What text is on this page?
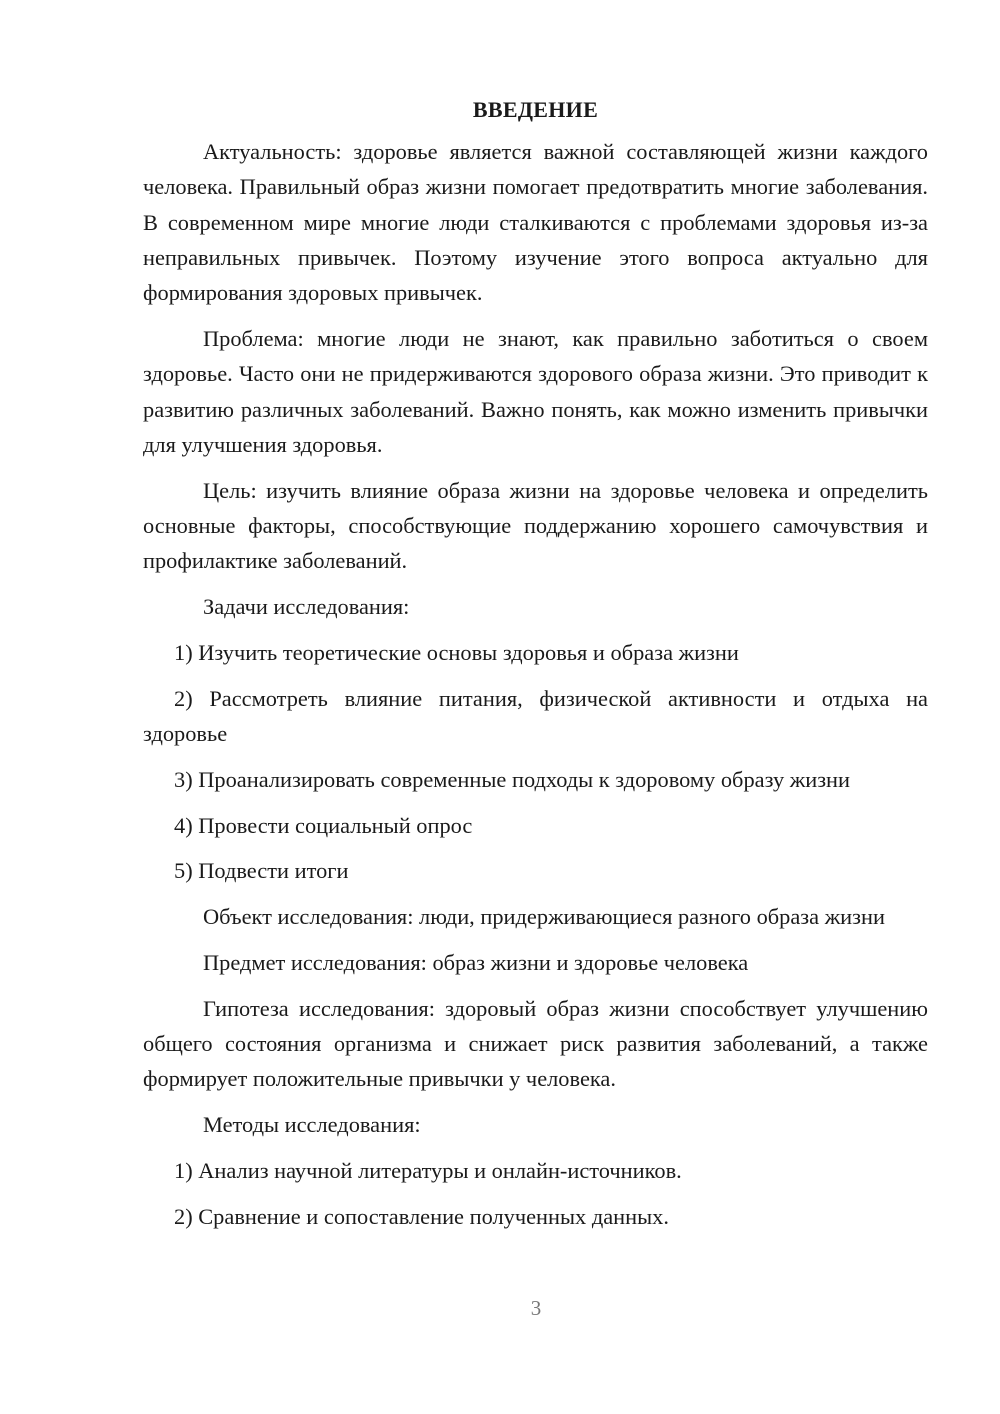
ВВЕДЕНИЕ

Актуальность: здоровье является важной составляющей жизни каждого человека. Правильный образ жизни помогает предотвратить многие заболевания. В современном мире многие люди сталкиваются с проблемами здоровья из-за неправильных привычек. Поэтому изучение этого вопроса актуально для формирования здоровых привычек.

Проблема: многие люди не знают, как правильно заботиться о своем здоровье. Часто они не придерживаются здорового образа жизни. Это приводит к развитию различных заболеваний. Важно понять, как можно изменить привычки для улучшения здоровья.

Цель: изучить влияние образа жизни на здоровье человека и определить основные факторы, способствующие поддержанию хорошего самочувствия и профилактике заболеваний.

Задачи исследования:

1) Изучить теоретические основы здоровья и образа жизни

2) Рассмотреть влияние питания, физической активности и отдыха на здоровье

3) Проанализировать современные подходы к здоровому образу жизни

4) Провести социальный опрос

5) Подвести итоги

Объект исследования: люди, придерживающиеся разного образа жизни

Предмет исследования: образ жизни и здоровье человека

Гипотеза исследования: здоровый образ жизни способствует улучшению общего состояния организма и снижает риск развития заболеваний, а также формирует положительные привычки у человека.

Методы исследования:

1) Анализ научной литературы и онлайн-источников.

2) Сравнение и сопоставление полученных данных.

3
